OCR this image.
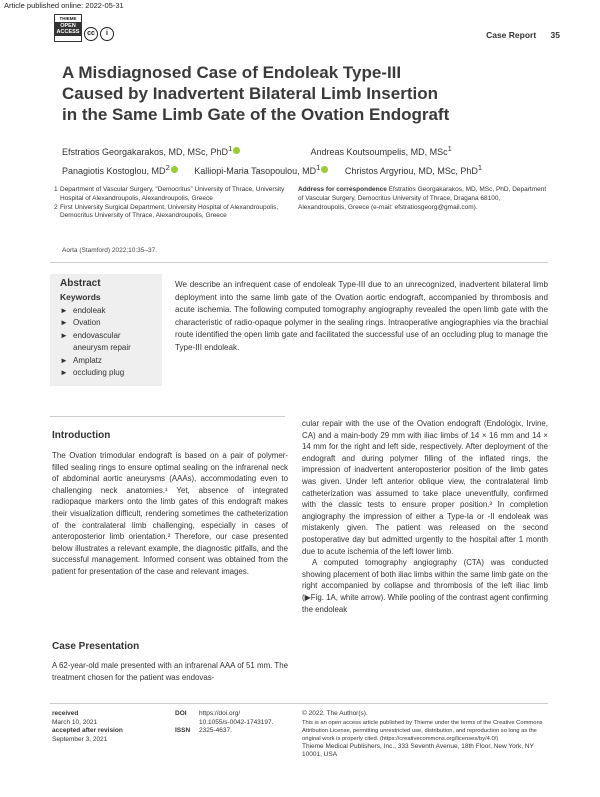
Article published online: 2022-05-31
THIEME
OPEN ACCESS	cc i	Case Report 35
A Misdiagnosed Case of Endoleak Type-III
Caused by Inadvertent Bilateral Limb Insertion
in the Same Limb Gate of the Ovation Endograft
Efstratios Georgakarakos, MD, MSc, PhD$^1$	Andreas Koutsoumpelis, MD, MSc$^1$
Panagiotis Kostoglou, $MD^2$	Kalliopi-Maria Tasopoulou, $MD^1$	Christos Argyriou, MD, MSc, PhD$^1$
1 Department of Vascular Surgery, “Democritus” University of Thrace, University Hospital of Alexandroupolis, Alexandroupolis, Greece
2 First University Surgical Department, University Hospital of Alexandroupolis, Democritus University of Thrace, Alexandroupolis, Greece
Address for correspondence Efstratios Georgakarakos, MD, MSc, PhD, Department of Vascular Surgery, Democritus University of Thrace, Dragana 68100, Alexandroupolis, Greece (e-mail: efstratiosgeorg@gmail.com).
Aorta (Stamford) 2022;10:35–37.
Abstract
Keywords
► endoleak
► Ovation
► endovascular
aneurysm repair
► Amplatz
► occluding plug
We describe an infrequent case of endoleak Type-III due to an unrecognized, inadvertent bilateral limb deployment into the same limb gate of the Ovation aortic endograft, accompanied by thrombosis and acute ischemia. The following computed tomography angiography revealed the open limb gate with the characteristic of radio-opaque polymer in the sealing rings. Intraoperative angiographies via the brachial route identified the open limb gate and facilitated the successful use of an occluding plug to manage the Type-III endoleak.
Introduction

The Ovation trimodular endograft is based on a pair of polymer-filled sealing rings to ensure optimal sealing on the infrarenal neck of abdominal aortic aneurysms (AAAs), accommodating even to challenging neck anatomies.¹ Yet, absence of integrated radiopaque markers onto the limb gates of this endograft makes their visualization difficult, rendering sometimes the catheterization of the contralateral limb challenging, especially in cases of anteroposterior limb orientation.² Therefore, our case presented below illustrates a relevant example, the diagnostic pitfalls, and the successful management. Informed consent was obtained from the patient for presentation of the case and relevant images.

Case Presentation

A 62-year-old male presented with an infrarenal AAA of 51 mm. The treatment chosen for the patient was endovas-

cular repair with the use of the Ovation endograft (Endologix, Irvine, CA) and a main-body 29 mm with iliac limbs of 14 × 16 mm and 14 × 14 mm for the right and left side, respectively. After deployment of the endograft and during polymer filling of the inflated rings, the impression of inadvertent anteroposterior position of the limb gates was given. Under left anterior oblique view, the contralateral limb catheterization was assumed to take place uneventfully, confirmed with the classic tests to ensure proper position.³ In completion angiography the impression of either a Type-Ia or -II endoleak was mistakenly given. The patient was released on the second postoperative day but admitted urgently to the hospital after 1 month due to acute ischemia of the left lower limb.

A computed tomography angiography (CTA) was conducted showing placement of both iliac limbs within the same limb gate on the right accompanied by collapse and thrombosis of the left iliac limb (▶Fig. 1A, white arrow). While pooling of the contrast agent confirming the endoleak

received
March 10, 2021
accepted after revision
September 3, 2021
DOI	https://doi.org/
10.1055/s-0042-1743197.
ISSN	2325-4637.
© 2022. The Author(s).
This is an open access article published by Thieme under the terms of the Creative Commons Attribution License, permitting unrestricted use, distribution, and reproduction so long as the original work is properly cited. (https://creativecommons.org/licenses/by/4.0/)
Thieme Medical Publishers, Inc., 333 Seventh Avenue, 18th Floor, New York, NY 10001, USA
